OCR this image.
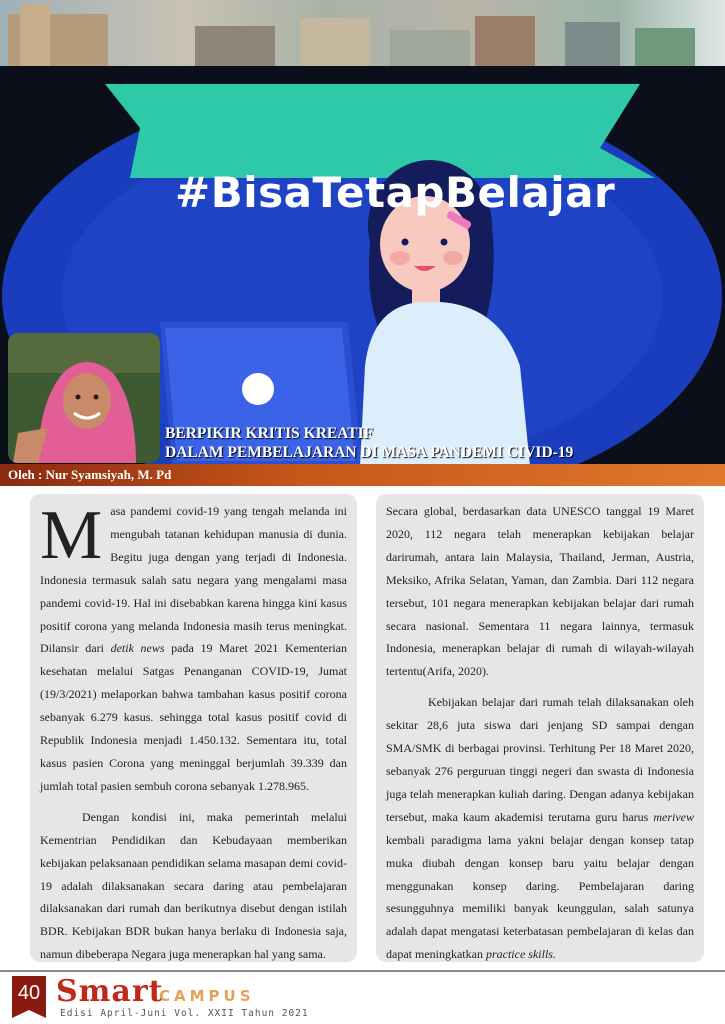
#BisaTetapBelajar
BERPIKIR KRITIS KREATIF
DALAM PEMBELAJARAN DI MASA PANDEMI CIVID-19
Oleh : Nur Syamsiyah, M. Pd

Masa pandemi covid-19 yang tengah melanda ini mengubah tatanan kehidupan manusia di dunia. Begitu juga dengan yang terjadi di Indonesia. Indonesia termasuk salah satu negara yang mengalami masa pandemi covid-19. Hal ini disebabkan karena hingga kini kasus positif corona yang melanda Indonesia masih terus meningkat. Dilansir dari detik news pada 19 Maret 2021 Kementerian kesehatan melalui Satgas Penanganan COVID-19, Jumat (19/3/2021) melaporkan bahwa tambahan kasus positif corona sebanyak 6.279 kasus. sehingga total kasus positif covid di Republik Indonesia menjadi 1.450.132. Sementara itu, total kasus pasien Corona yang meninggal berjumlah 39.339 dan jumlah total pasien sembuh corona sebanyak 1.278.965.

Dengan kondisi ini, maka pemerintah melalui Kementrian Pendidikan dan Kebudayaan memberikan kebijakan pelaksanaan pendidikan selama masapan demi covid-19 adalah dilaksanakan secara daring atau pembelajaran dilaksanakan dari rumah dan berikutnya disebut dengan istilah BDR. Kebijakan BDR bukan hanya berlaku di Indonesia saja, namun dibeberapa Negara juga menerapkan hal yang sama.

Secara global, berdasarkan data UNESCO tanggal 19 Maret 2020, 112 negara telah menerapkan kebijakan belajar darirumah, antara lain Malaysia, Thailand, Jerman, Austria, Meksiko, Afrika Selatan, Yaman, dan Zambia. Dari 112 negara tersebut, 101 negara menerapkan kebijakan belajar dari rumah secara nasional. Sementara 11 negara lainnya, termasuk Indonesia, menerapkan belajar di rumah di wilayah-wilayah tertentu(Arifa, 2020).

Kebijakan belajar dari rumah telah dilaksanakan oleh sekitar 28,6 juta siswa dari jenjang SD sampai dengan SMA/SMK di berbagai provinsi. Terhitung Per 18 Maret 2020, sebanyak 276 perguruan tinggi negeri dan swasta di Indonesia juga telah menerapkan kuliah daring. Dengan adanya kebijakan tersebut, maka kaum akademisi terutama guru harus merivew kembali paradigma lama yakni belajar dengan konsep tatap muka diubah dengan konsep baru yaitu belajar dengan menggunakan konsep daring. Pembelajaran daring sesungguhnya memiliki banyak keunggulan, salah satunya adalah dapat mengatasi keterbatasan pembelajaran di kelas dan dapat meningkatkan practice skills.

40 Smart
CAMPUS
Edisi April-Juni Vol. XXII Tahun 2021
